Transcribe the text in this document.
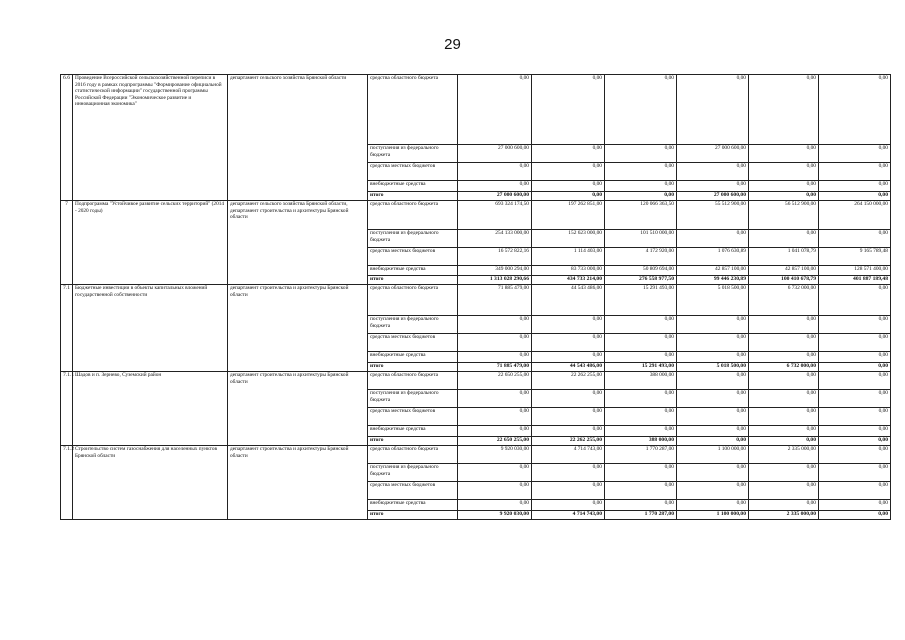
29
6.6	Проведение Всероссийской сельскохозяйственной переписи в 2016 году в рамках подпрограммы "Формирование официальной статистической информации" государственной программы Российской Федерации "Экономическое развитие и инновационная экономика"	департамент сельского хозяйства Брянской области	средства областного бюджета	0,00	0,00	0,00	0,00	0,00	0,00
			поступления из федерального бюджета	27 000 600,00	0,00	0,00	27 000 600,00	0,00	0,00
			средства местных бюджетов	0,00	0,00	0,00	0,00	0,00	0,00
			внебюджетные средства	0,00	0,00	0,00	0,00	0,00	0,00
			итого	27 000 600,00	0,00	0,00	27 000 600,00	0,00	0,00
7	Подпрограмма "Устойчивое развитие сельских территорий" (2014 - 2020 годы)	департамент сельского хозяйства Брянской области, департамент строительства и архитектуры Брянской области	средства областного бюджета	693 324 174,50	197 262 851,00	120 066 363,50	55 512 900,00	56 512 900,00	264 150 000,00
			поступления из федерального бюджета	254 133 000,00	152 623 000,00	101 510 000,00	0,00	0,00	0,00
			средства местных бюджетов	16 572 822,16	1 114 403,00	4 172 920,00	1 076 630,89	1 041 078,79	9 165 789,48
			внебюджетные средства	349 000 294,00	83 733 000,00	50 809 694,00	42 857 100,00	42 857 100,00	128 571 400,00
			итого	1 313 028 290,66	434 733 214,00	276 558 977,50	99 446 230,89	100 410 678,79	401 887 189,48
7.1	Бюджетные инвестиции в объекты капитальных вложений государственной собственности	департамент строительства и архитектуры Брянской области	средства областного бюджета	71 885 479,00	44 543 486,00	15 291 493,00	5 018 500,00	6 732 000,00	0,00
			поступления из федерального бюджета	0,00	0,00	0,00	0,00	0,00	0,00
			средства местных бюджетов	0,00	0,00	0,00	0,00	0,00	0,00
			внебюджетные средства	0,00	0,00	0,00	0,00	0,00	0,00
			итого	71 885 479,00	44 543 486,00	15 291 493,00	5 018 500,00	6 732 000,00	0,00
7.1.1	Шадов и п. Зернево, Суземский район	департамент строительства и архитектуры Брянской области	средства областного бюджета	22 650 255,00	22 262 255,00	388 000,00	0,00	0,00	0,00
			поступления из федерального бюджета	0,00	0,00	0,00	0,00	0,00	0,00
			средства местных бюджетов	0,00	0,00	0,00	0,00	0,00	0,00
			внебюджетные средства	0,00	0,00	0,00	0,00	0,00	0,00
			итого	22 650 255,00	22 262 255,00	388 000,00	0,00	0,00	0,00
7.1.2	Строительство систем газоснабжения для населенных пунктов Брянской области	департамент строительства и архитектуры Брянской области	средства областного бюджета	9 920 030,00	4 714 743,00	1 770 287,00	1 100 000,00	2 335 000,00	0,00
			поступления из федерального бюджета	0,00	0,00	0,00	0,00	0,00	0,00
			средства местных бюджетов	0,00	0,00	0,00	0,00	0,00	0,00
			внебюджетные средства	0,00	0,00	0,00	0,00	0,00	0,00
			итого	9 920 030,00	4 714 743,00	1 770 287,00	1 100 000,00	2 335 000,00	0,00
